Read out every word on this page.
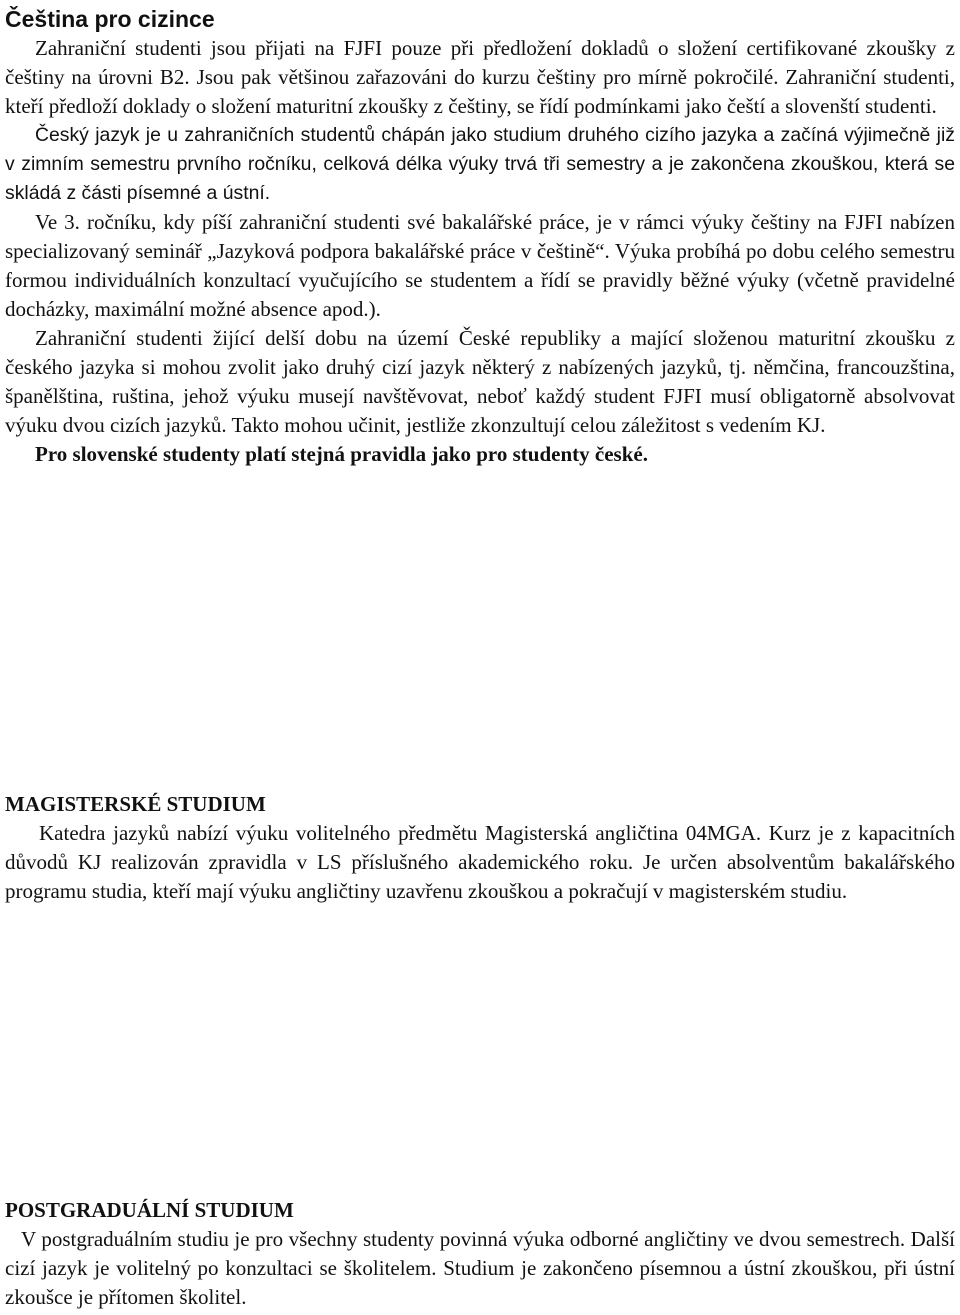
Čeština pro cizince

Zahraniční studenti jsou přijati na FJFI pouze při předložení dokladů o složení certifikované zkoušky z češtiny na úrovni B2. Jsou pak většinou zařazováni do kurzu češtiny pro mírně pokročilé. Zahraniční studenti, kteří předloží doklady o složení maturitní zkoušky z češtiny, se řídí podmínkami jako čeští a slovenští studenti.

Český jazyk je u zahraničních studentů chápán jako studium druhého cizího jazyka a začíná výjimečně již v zimním semestru prvního ročníku, celková délka výuky trvá tři semestry a je zakončena zkouškou, která se skládá z části písemné a ústní.

Ve 3. ročníku, kdy píší zahraniční studenti své bakalářské práce, je v rámci výuky češtiny na FJFI nabízen specializovaný seminář „Jazyková podpora bakalářské práce v češtině“. Výuka probíhá po dobu celého semestru formou individuálních konzultací vyučujícího se studentem a řídí se pravidly běžné výuky (včetně pravidelné docházky, maximální možné absence apod.).

Zahraniční studenti žijící delší dobu na území České republiky a mající složenou maturitní zkoušku z českého jazyka si mohou zvolit jako druhý cizí jazyk některý z nabízených jazyků, tj. němčina, francouzština, španělština, ruština, jehož výuku musejí navštěvovat, neboť každý student FJFI musí obligatorně absolvovat výuku dvou cizích jazyků. Takto mohou učinit, jestliže zkonzultují celou záležitost s vedením KJ.

Pro slovenské studenty platí stejná pravidla jako pro studenty české.

MAGISTERSKÉ STUDIUM

Katedra jazyků nabízí výuku volitelného předmětu Magisterská angličtina 04MGA. Kurz je z kapacitních důvodů KJ realizován zpravidla v LS příslušného akademického roku. Je určen absolventům bakalářského programu studia, kteří mají výuku angličtiny uzavřenu zkouškou a pokračují v magisterském studiu.

POSTGRADUÁLNÍ STUDIUM

V postgraduálním studiu je pro všechny studenty povinná výuka odborné angličtiny ve dvou semestrech. Další cizí jazyk je volitelný po konzultaci se školitelem. Studium je zakončeno písemnou a ústní zkouškou, při ústní zkoušce je přítomen školitel.
